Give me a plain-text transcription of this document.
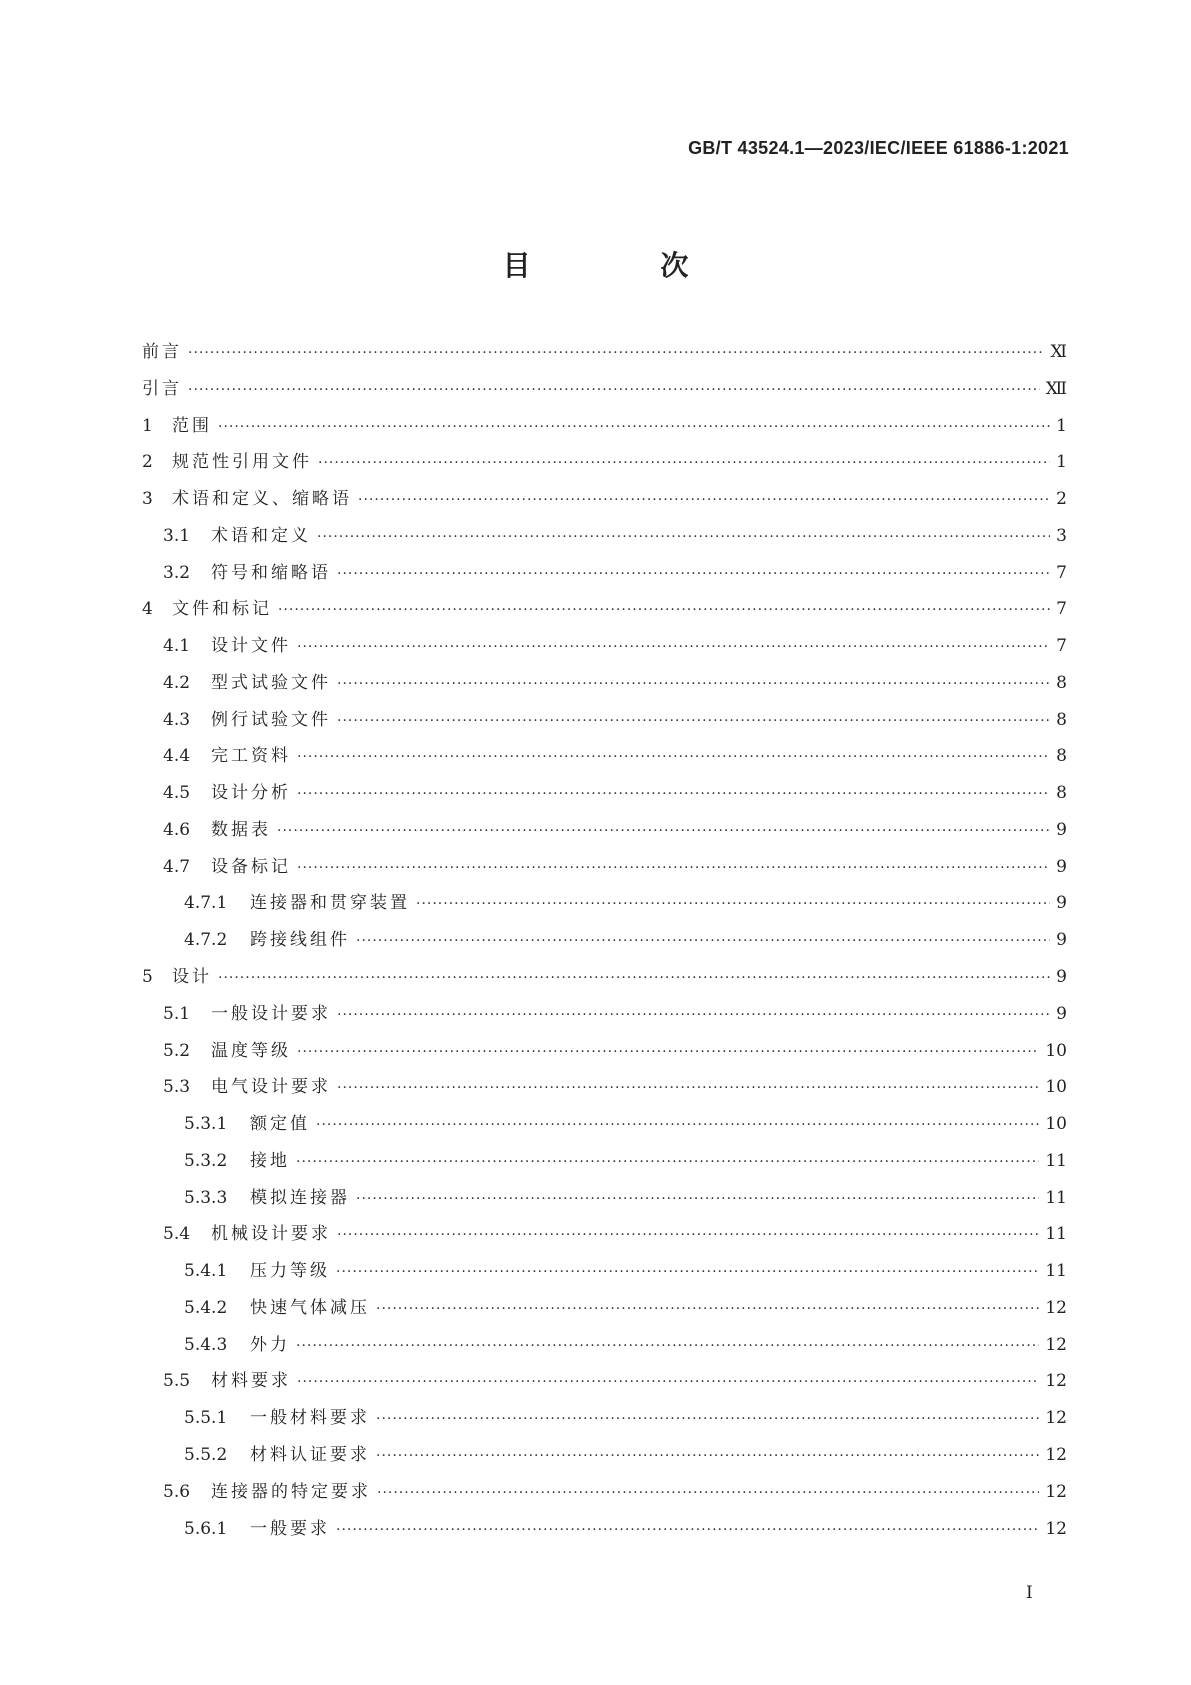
GB/T 43524.1—2023/IEC/IEEE 61886-1:2021
目 次
前言 ·····	Ⅺ
引言 ·····	Ⅻ
1	范围 ·····	1
2	规范性引用文件 ·····	1
3	术语和定义、缩略语 ·····	2
3.1	术语和定义 ·····	3
3.2	符号和缩略语 ·····	7
4	文件和标记 ·····	7
4.1	设计文件 ·····	7
4.2	型式试验文件 ·····	8
4.3	例行试验文件 ·····	8
4.4	完工资料 ·····	8
4.5	设计分析 ·····	8
4.6	数据表 ·····	9
4.7	设备标记 ·····	9
4.7.1	连接器和贯穿装置 ·····	9
4.7.2	跨接线组件 ·····	9
5	设计 ·····	9
5.1	一般设计要求 ·····	9
5.2	温度等级 ·····	10
5.3	电气设计要求 ·····	10
5.3.1	额定值 ·····	10
5.3.2	接地 ·····	11
5.3.3	模拟连接器 ·····	11
5.4	机械设计要求 ·····	11
5.4.1	压力等级 ·····	11
5.4.2	快速气体减压 ·····	12
5.4.3	外力 ·····	12
5.5	材料要求 ·····	12
5.5.1	一般材料要求 ·····	12
5.5.2	材料认证要求 ·····	12
5.6	连接器的特定要求 ·····	12
5.6.1	一般要求 ·····	12
Ⅰ
